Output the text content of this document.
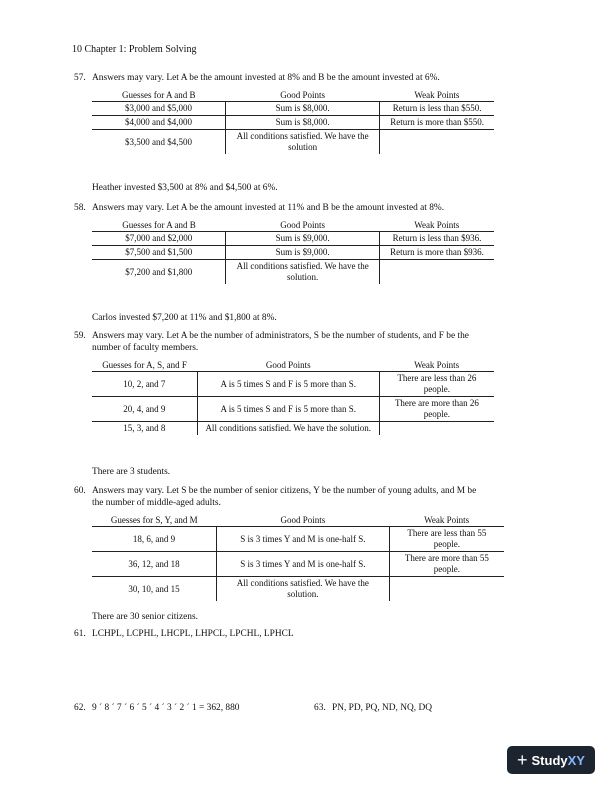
10 Chapter 1: Problem Solving
57. Answers may vary. Let A be the amount invested at 8% and B be the amount invested at 6%.
Guesses for A and B	Good Points	Weak Points
$3,000 and $5,000	Sum is $8,000.	Return is less than $550.
$4,000 and $4,000	Sum is $8,000.	Return is more than $550.
$3,500 and $4,500	All conditions satisfied. We have the solution	
Heather invested $3,500 at 8% and $4,500 at 6%.
58. Answers may vary. Let A be the amount invested at 11% and B be the amount invested at 8%.
Guesses for A and B	Good Points	Weak Points
$7,000 and $2,000	Sum is $9,000.	Return is less than $936.
$7,500 and $1,500	Sum is $9,000.	Return is more than $936.
$7,200 and $1,800	All conditions satisfied. We have the solution.	
Carlos invested $7,200 at 11% and $1,800 at 8%.
59. Answers may vary. Let A be the number of administrators, S be the number of students, and F be the
number of faculty members.
Guesses for A, S, and F	Good Points	Weak Points
10, 2, and 7	A is 5 times S and F is 5 more than S.	There are less than 26 people.
20, 4, and 9	A is 5 times S and F is 5 more than S.	There are more than 26 people.
15, 3, and 8	All conditions satisfied. We have the solution.	
There are 3 students.
60. Answers may vary. Let S be the number of senior citizens, Y be the number of young adults, and M be
the number of middle-aged adults.
Guesses for S, Y, and M	Good Points	Weak Points
18, 6, and 9	S is 3 times Y and M is one-half S.	There are less than 55 people.
36, 12, and 18	S is 3 times Y and M is one-half S.	There are more than 55 people.
30, 10, and 15	All conditions satisfied. We have the solution.	
There are 30 senior citizens.
61. LCHPL, LCPHL, LHCPL, LHPCL, LPCHL, LPHCL
62. 9 ´ 8 ´ 7 ´ 6 ´ 5 ´ 4 ´ 3 ´ 2 ´ 1 = 362, 880	63. PN, PD, PQ, ND, NQ, DQ
+ StudyXY
